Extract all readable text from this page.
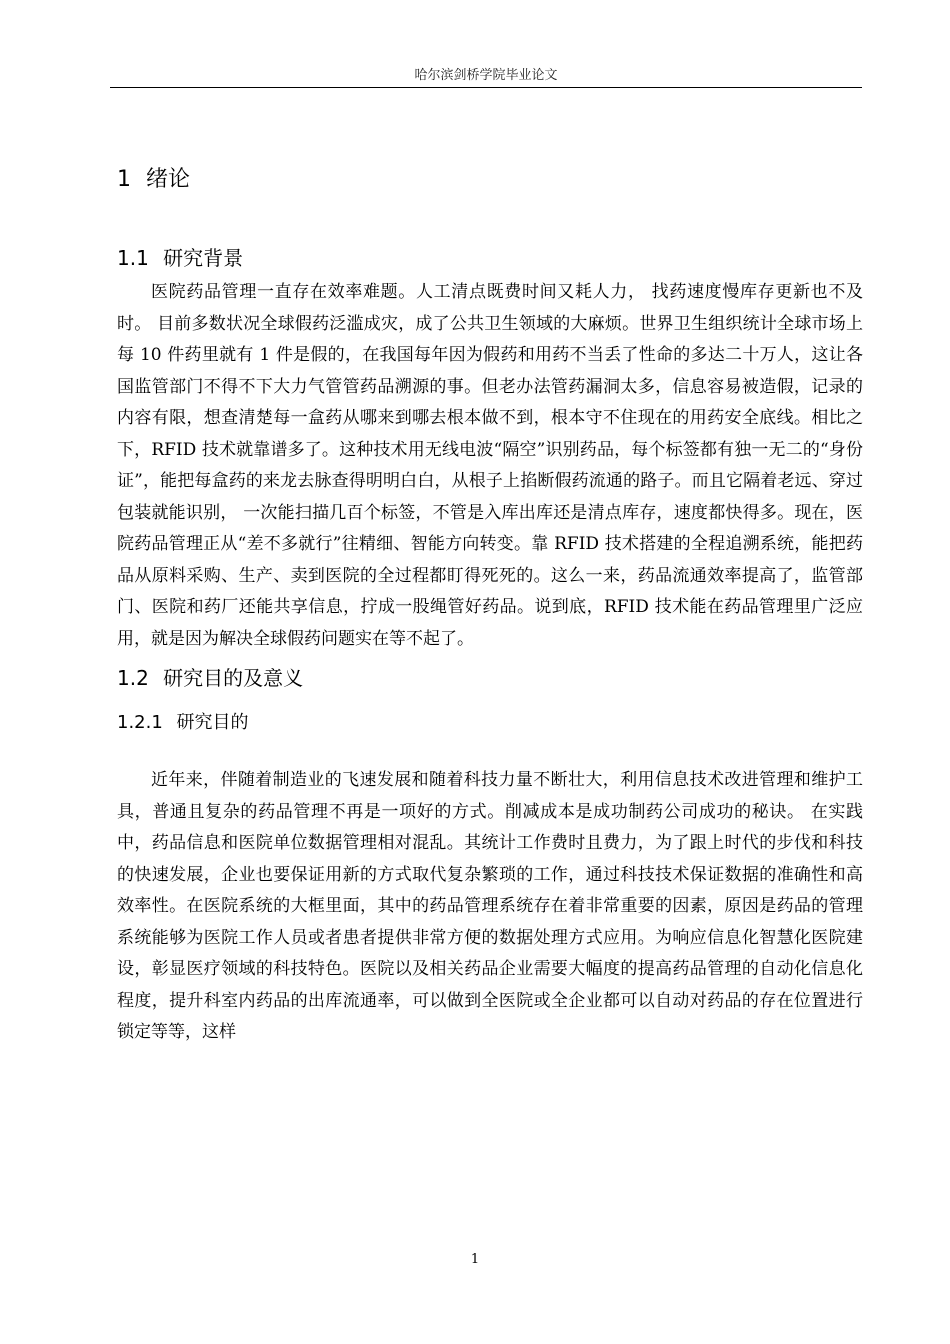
哈尔滨剑桥学院毕业论文
1 绪论
1.1 研究背景

医院药品管理一直存在效率难题。人工清点既费时间又耗人力， 找药速度慢库存更新也不及时。 目前多数状况全球假药泛滥成灾，成了公共卫生领域的大麻烦。世界卫生组织统计全球市场上每 10 件药里就有 1 件是假的，在我国每年因为假药和用药不当丢了性命的多达二十万人，这让各国监管部门不得不下大力气管管药品溯源的事。但老办法管药漏洞太多，信息容易被造假，记录的内容有限，想查清楚每一盒药从哪来到哪去根本做不到，根本守不住现在的用药安全底线。相比之下，RFID 技术就靠谱多了。这种技术用无线电波“隔空”识别药品，每个标签都有独一无二的“身份证”，能把每盒药的来龙去脉查得明明白白，从根子上掐断假药流通的路子。而且它隔着老远、穿过包装就能识别， 一次能扫描几百个标签，不管是入库出库还是清点库存，速度都快得多。现在，医院药品管理正从“差不多就行”往精细、智能方向转变。靠 RFID 技术搭建的全程追溯系统，能把药品从原料采购、生产、卖到医院的全过程都盯得死死的。这么一来，药品流通效率提高了，监管部门、医院和药厂还能共享信息，拧成一股绳管好药品。说到底，RFID 技术能在药品管理里广泛应用，就是因为解决全球假药问题实在等不起了。

1.2 研究目的及意义
1.2.1 研究目的

近年来，伴随着制造业的飞速发展和随着科技力量不断壮大，利用信息技术改进管理和维护工具，普通且复杂的药品管理不再是一项好的方式。削减成本是成功制药公司成功的秘诀。 在实践中，药品信息和医院单位数据管理相对混乱。其统计工作费时且费力，为了跟上时代的步伐和科技的快速发展，企业也要保证用新的方式取代复杂繁琐的工作，通过科技技术保证数据的准确性和高效率性。在医院系统的大框里面，其中的药品管理系统存在着非常重要的因素，原因是药品的管理系统能够为医院工作人员或者患者提供非常方便的数据处理方式应用。为响应信息化智慧化医院建设，彰显医疗领域的科技特色。医院以及相关药品企业需要大幅度的提高药品管理的自动化信息化程度，提升科室内药品的出库流通率，可以做到全医院或全企业都可以自动对药品的存在位置进行锁定等等，这样

1
